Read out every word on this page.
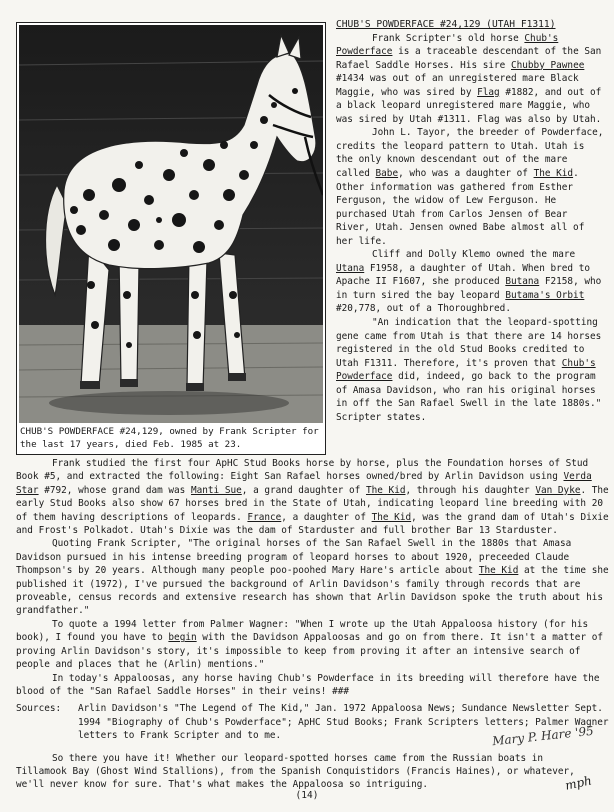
CHUB'S POWDERFACE #24,129, owned by Frank Scripter for the last 17 years, died Feb. 1985 at 23.
CHUB'S POWDERFACE #24,129 (UTAH F1311)

Frank Scripter's old horse Chub's Powderface is a traceable descendant of the San Rafael Saddle Horses. His sire Chubby Pawnee #1434 was out of an unregistered mare Black Maggie, who was sired by Flag #1882, and out of a black leopard unregistered mare Maggie, who was sired by Utah #1311. Flag was also by Utah.

John L. Tayor, the breeder of Powderface, credits the leopard pattern to Utah. Utah is the only known descendant out of the mare called Babe, who was a daughter of The Kid. Other information was gathered from Esther Ferguson, the widow of Lew Ferguson. He purchased Utah from Carlos Jensen of Bear River, Utah. Jensen owned Babe almost all of her life.

Cliff and Dolly Klemo owned the mare Utana F1958, a daughter of Utah. When bred to Apache II F1607, she produced Butana F2158, who in turn sired the bay leopard Butama's Orbit #20,778, out of a Thoroughbred.

"An indication that the leopard-spotting gene came from Utah is that there are 14 horses registered in the old Stud Books credited to Utah F1311. Therefore, it's proven that Chub's Powderface did, indeed, go back to the program of Amasa Davidson, who ran his original horses in off the San Rafael Swell in the late 1880s." Scripter states.

Frank studied the first four ApHC Stud Books horse by horse, plus the Foundation horses of Stud Book #5, and extracted the following: Eight San Rafael horses owned/bred by Arlin Davidson using Verda Star #792, whose grand dam was Manti Sue, a grand daughter of The Kid, through his daughter Van Dyke. The early Stud Books also show 67 horses bred in the State of Utah, indicating leopard line breeding with 20 of them having descriptions of leopards. France, a daughter of The Kid, was the grand dam of Utah's Dixie and Frost's Polkadot. Utah's Dixie was the dam of Starduster and full brother Bar 13 Starduster.

Quoting Frank Scripter, "The original horses of the San Rafael Swell in the 1880s that Amasa Davidson pursued in his intense breeding program of leopard horses to about 1920, preceeded Claude Thompson's by 20 years. Although many people poo-poohed Mary Hare's article about The Kid at the time she published it (1972), I've pursued the background of Arlin Davidson's family through records that are proveable, census records and extensive research has shown that Arlin Davidson spoke the truth about his grandfather."

To quote a 1994 letter from Palmer Wagner: "When I wrote up the Utah Appaloosa history (for his book), I found you have to begin with the Davidson Appaloosas and go on from there. It isn't a matter of proving Arlin Davidson's story, it's impossible to keep from proving it after an intensive search of people and places that he (Arlin) mentions."

In today's Appaloosas, any horse having Chub's Powderface in its breeding will therefore have the blood of the "San Rafael Saddle Horses" in their veins! ###

Sources:	Arlin Davidson's "The Legend of The Kid," Jan. 1972 Appaloosa News; Sundance Newsletter Sept. 1994 "Biography of Chub's Powderface"; ApHC Stud Books; Frank Scripters letters; Palmer Wagner letters to Frank Scripter and to me.

So there you have it! Whether our leopard-spotted horses came from the Russian boats in Tillamook Bay (Ghost Wind Stallions), from the Spanish Conquistidors (Francis Haines), or whatever, we'll never know for sure. That's what makes the Appaloosa so intriguing.

Mary P. Hare '95
mph
(14)
